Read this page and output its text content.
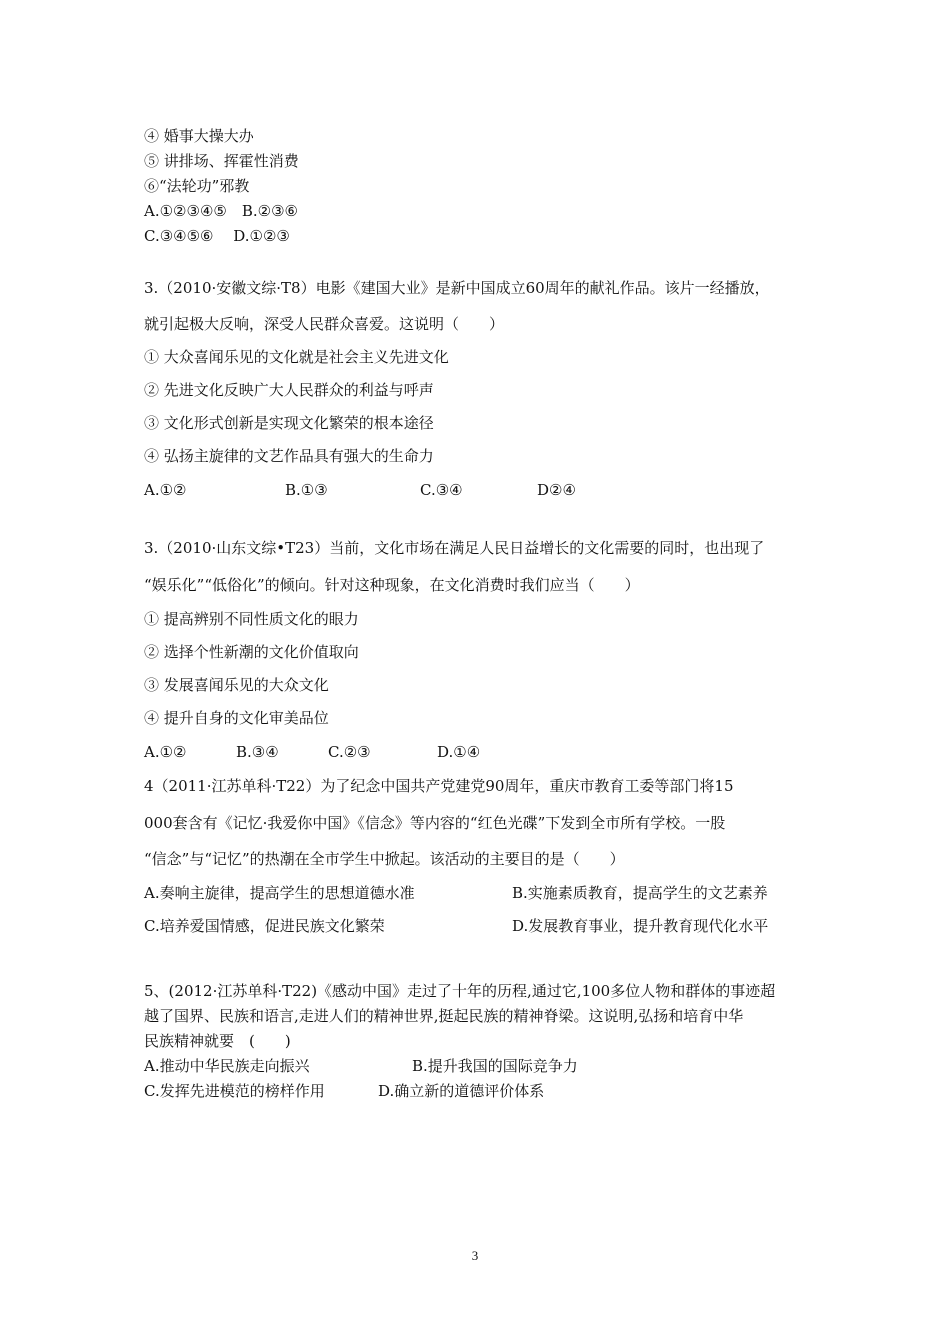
④ 婚事大操大办
⑤ 讲排场、挥霍性消费
⑥“法轮功”邪教
A.①②③④⑤　B.②③⑥
C.③④⑤⑥　 D.①②③
3.（2010·安徽文综·T8）电影《建国大业》是新中国成立60周年的献礼作品。该片一经播放，
就引起极大反响，深受人民群众喜爱。这说明（　　）
① 大众喜闻乐见的文化就是社会主义先进文化
② 先进文化反映广大人民群众的利益与呼声
③ 文化形式创新是实现文化繁荣的根本途径
④ 弘扬主旋律的文艺作品具有强大的生命力
A.①②	B.①③	C.③④	D②④
3.（2010·山东文综•T23）当前，文化市场在满足人民日益增长的文化需要的同时，也出现了
“娱乐化”“低俗化”的倾向。针对这种现象，在文化消费时我们应当（　　）
① 提高辨别不同性质文化的眼力
② 选择个性新潮的文化价值取向
③ 发展喜闻乐见的大众文化
④ 提升自身的文化审美品位
A.①②	B.③④	C.②③	D.①④
4（2011·江苏单科·T22）为了纪念中国共产党建党90周年，重庆市教育工委等部门将15
000套含有《记忆·我爱你中国》《信念》等内容的“红色光碟”下发到全市所有学校。一股
“信念”与“记忆”的热潮在全市学生中掀起。该活动的主要目的是（　　）
A.奏响主旋律，提高学生的思想道德水准	B.实施素质教育，提高学生的文艺素养
C.培养爱国情感，促进民族文化繁荣	D.发展教育事业，提升教育现代化水平
5、(2012·江苏单科·T22)《感动中国》走过了十年的历程,通过它,100多位人物和群体的事迹超
越了国界、民族和语言,走进人们的精神世界,挺起民族的精神脊梁。这说明,弘扬和培育中华
民族精神就要　(　　)
A.推动中华民族走向振兴	B.提升我国的国际竞争力
C.发挥先进模范的榜样作用	D.确立新的道德评价体系
3
